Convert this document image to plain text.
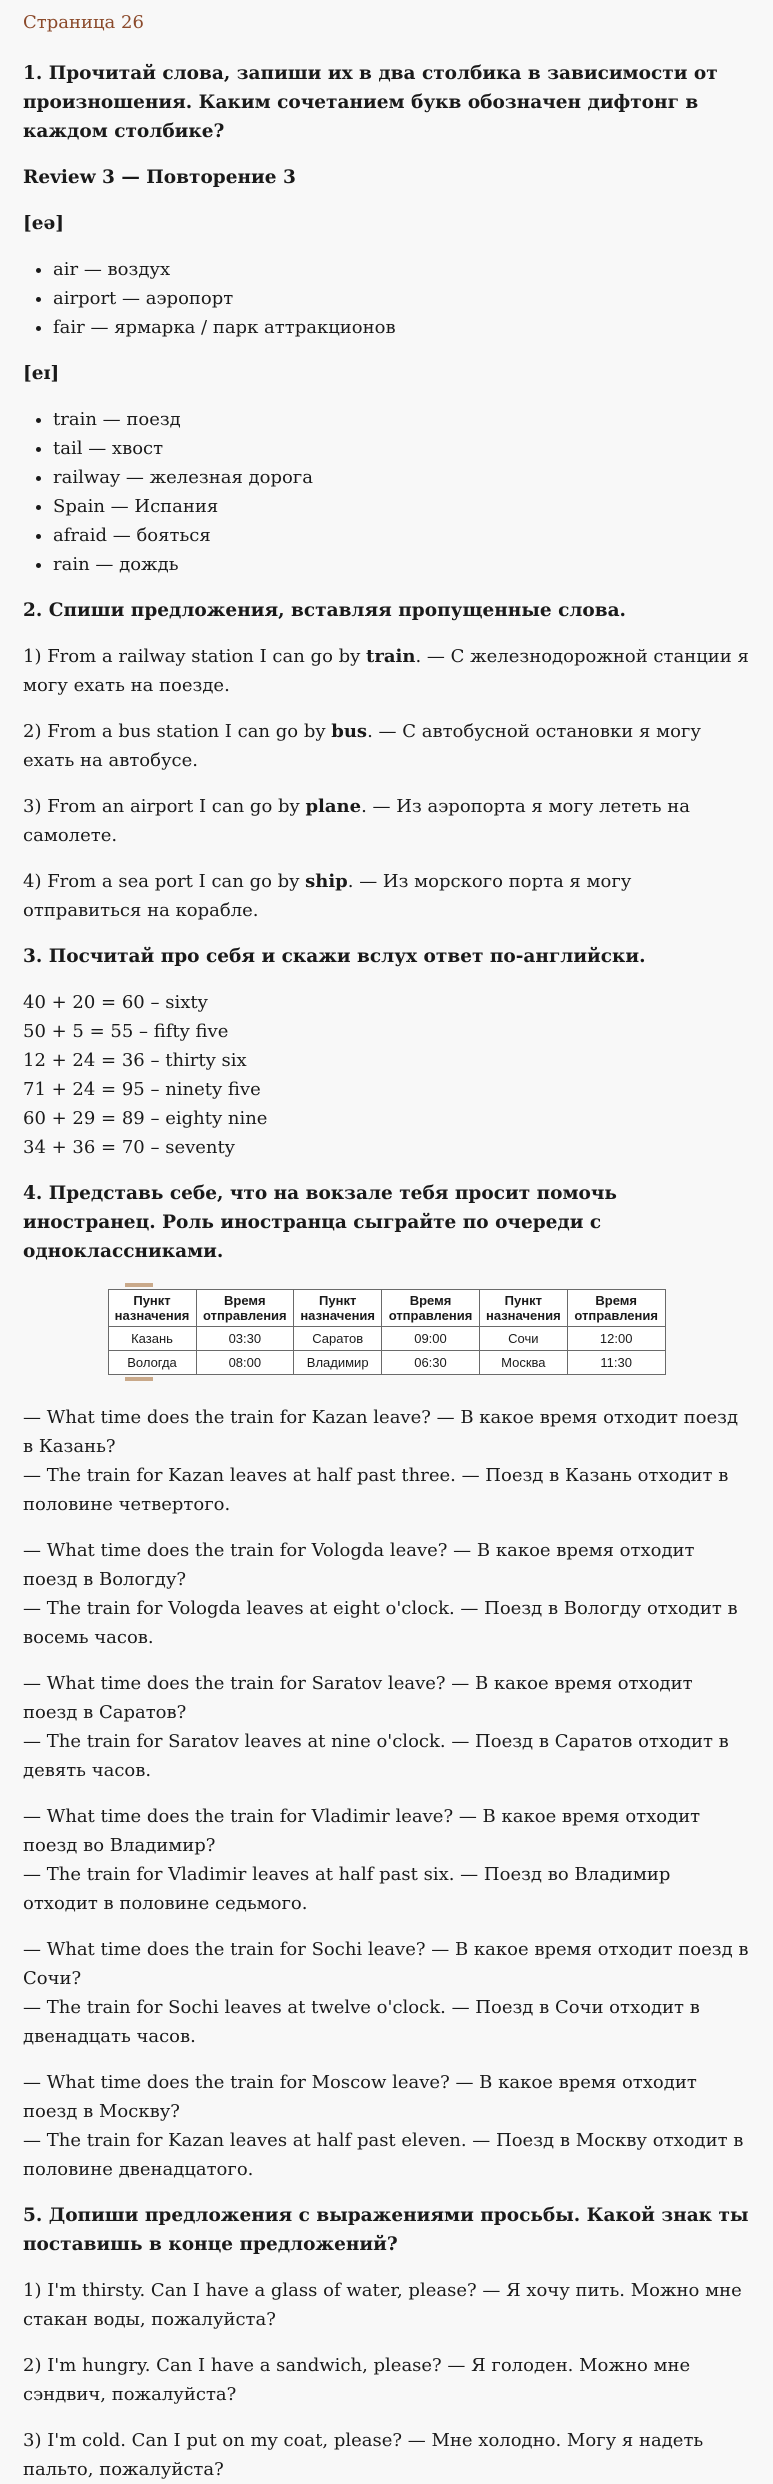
Страница 26
1. Прочитай слова, запиши их в два столбика в зависимости от произношения. Каким сочетанием букв обозначен дифтонг в каждом столбике?
Review 3 — Повторение 3
[eə]
• air — воздух
• airport — аэропорт
• fair — ярмарка / парк аттракционов
[eɪ]
• train — поезд
• tail — хвост
• railway — железная дорога
• Spain — Испания
• afraid — бояться
• rain — дождь
2. Спиши предложения, вставляя пропущенные слова.

1) From a railway station I can go by train. — С железнодорожной станции я могу ехать на поезде.

2) From a bus station I can go by bus. — С автобусной остановки я могу ехать на автобусе.

3) From an airport I can go by plane. — Из аэропорта я могу лететь на самолете.

4) From a sea port I can go by ship. — Из морского порта я могу отправиться на корабле.

3. Посчитай про себя и скажи вслух ответ по-английски.

40 + 20 = 60 – sixty

50 + 5 = 55 – fifty five

12 + 24 = 36 – thirty six

71 + 24 = 95 – ninety five

60 + 29 = 89 – eighty nine

34 + 36 = 70 – seventy

4. Представь себе, что на вокзале тебя просит помочь иностранец. Роль иностранца сыграйте по очереди с одноклассниками.
Пункт назначения	Время отправления	Пункт назначения	Время отправления	Пункт назначения	Время отправления
Казань	03:30	Саратов	09:00	Сочи	12:00
Вологда	08:00	Владимир	06:30	Москва	11:30
— What time does the train for Kazan leave? — В какое время отходит поезд в Казань?
— The train for Kazan leaves at half past three. — Поезд в Казань отходит в половине четвертого.
— What time does the train for Vologda leave? — В какое время отходит поезд в Вологду?
— The train for Vologda leaves at eight o'clock. — Поезд в Вологду отходит в восемь часов.
— What time does the train for Saratov leave? — В какое время отходит поезд в Саратов?
— The train for Saratov leaves at nine o'clock. — Поезд в Саратов отходит в девять часов.
— What time does the train for Vladimir leave? — В какое время отходит поезд во Владимир?
— The train for Vladimir leaves at half past six. — Поезд во Владимир отходит в половине седьмого.
— What time does the train for Sochi leave? — В какое время отходит поезд в Сочи?
— The train for Sochi leaves at twelve o'clock. — Поезд в Сочи отходит в двенадцать часов.
— What time does the train for Moscow leave? — В какое время отходит поезд в Москву?
— The train for Kazan leaves at half past eleven. — Поезд в Москву отходит в половине двенадцатого.
5. Допиши предложения с выражениями просьбы. Какой знак ты поставишь в конце предложений?

1) I'm thirsty. Can I have a glass of water, please? — Я хочу пить. Можно мне стакан воды, пожалуйста?

2) I'm hungry. Can I have a sandwich, please? — Я голоден. Можно мне сэндвич, пожалуйста?

3) I'm cold. Can I put on my coat, please? — Мне холодно. Могу я надеть пальто, пожалуйста?
